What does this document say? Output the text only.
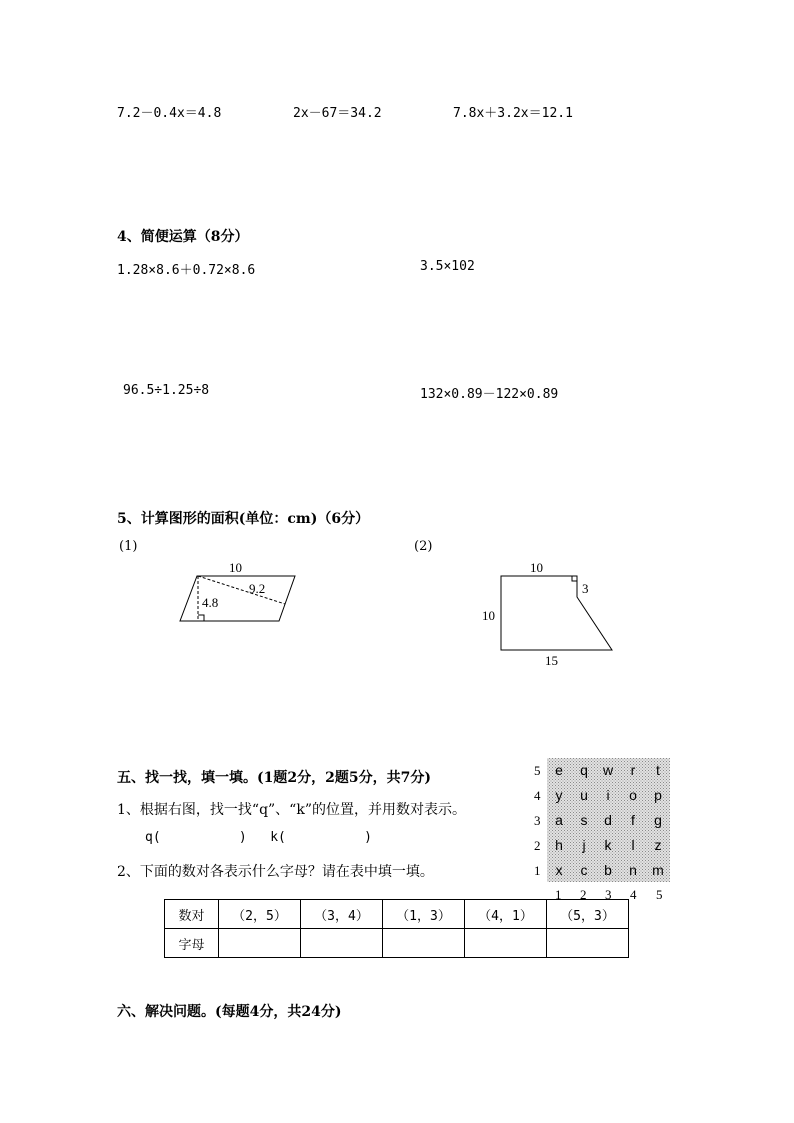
7.2－0.4x＝4.8	2x－67＝34.2	7.8x＋3.2x＝12.1
4、简便运算（8分）
1.28×8.6＋0.72×8.6	3.5×102
96.5÷1.25÷8	132×0.89－122×0.89
5、计算图形的面积(单位：cm)（6分）
(1)	(2)
10
9.2
4.8
10
3
10
15
五、找一找，填一填。(1题2分，2题5分，共7分)
1、根据右图，找一找“q”、“k”的位置，并用数对表示。
q(          )   k(          )
2、下面的数对各表示什么字母？请在表中填一填。
e q w r t
y u i o p
a s d f g
h j k l z
x c b n m
5
4
3
2
1
1 2 3 4 5
数对	（2，5）	（3，4）	（1，3）	（4，1）	（5，3）
字母					
六、解决问题。(每题4分，共24分)
